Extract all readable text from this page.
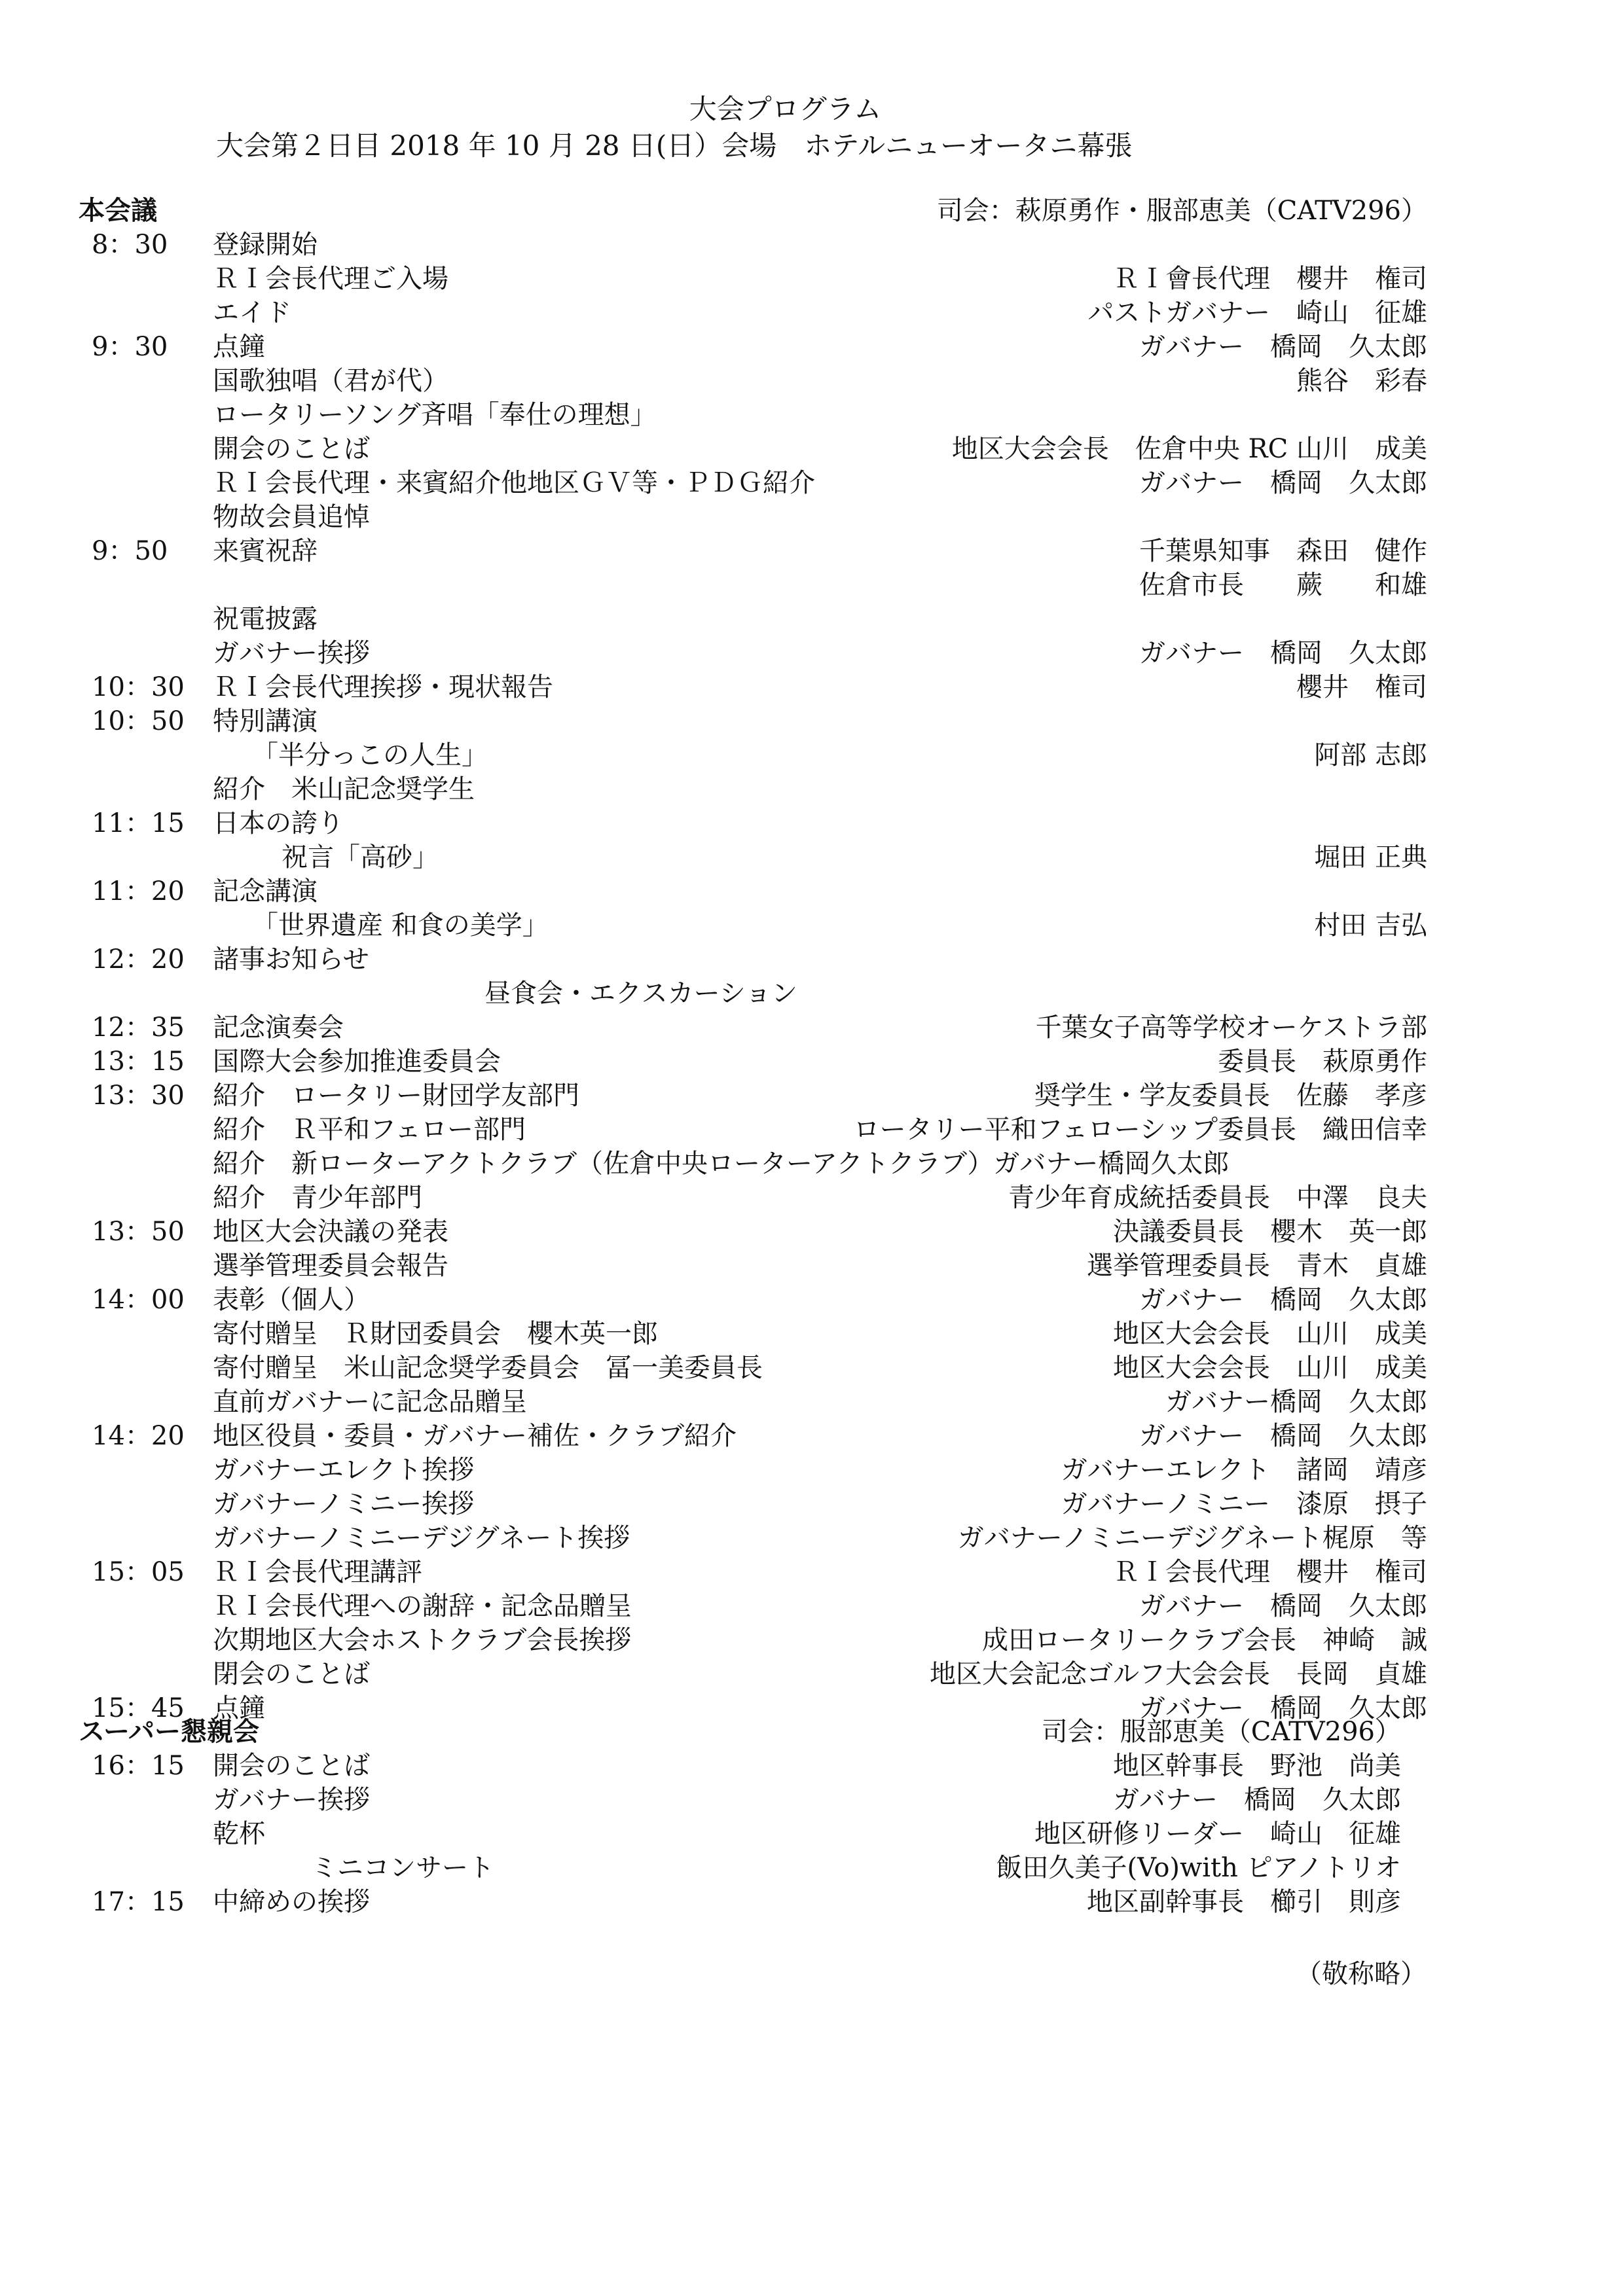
大会プログラム
大会第２日目 2018 年 10 月 28 日(日）会場　ホテルニューオータニ幕張
本会議	司会：萩原勇作・服部恵美（CATV296）
8：30	登録開始
ＲＩ会長代理ご入場	ＲＩ會長代理　櫻井　権司
エイド	パストガバナー　崎山　征雄
9：30	点鐘	ガバナー　橋岡　久太郎
国歌独唱（君が代）	熊谷　彩春
ロータリーソング斉唱「奉仕の理想」
開会のことば	地区大会会長　佐倉中央 RC 山川　成美
ＲＩ会長代理・来賓紹介他地区ＧＶ等・ＰＤＧ紹介	ガバナー　橋岡　久太郎
物故会員追悼
9：50	来賓祝辞	千葉県知事　森田　健作
佐倉市長　　蕨　　和雄
祝電披露
ガバナー挨拶	ガバナー　橋岡　久太郎
10：30	ＲＩ会長代理挨拶・現状報告	櫻井　権司
10：50	特別講演
「半分っこの人生」	阿部 志郎
紹介　米山記念奨学生
11：15	日本の誇り
祝言「高砂」	堀田 正典
11：20	記念講演
「世界遺産 和食の美学」	村田 吉弘
12：20	諸事お知らせ
昼食会・エクスカーション
12：35	記念演奏会	千葉女子高等学校オーケストラ部
13：15	国際大会参加推進委員会	委員長　萩原勇作
13：30	紹介　ロータリー財団学友部門	奨学生・学友委員長　佐藤　孝彦
紹介　Ｒ平和フェロー部門	ロータリー平和フェローシップ委員長　織田信幸
紹介　新ローターアクトクラブ（佐倉中央ローターアクトクラブ）ガバナー橋岡久太郎
紹介　青少年部門	青少年育成統括委員長　中澤　良夫
13：50	地区大会決議の発表	決議委員長　櫻木　英一郎
選挙管理委員会報告	選挙管理委員長　青木　貞雄
14：00	表彰（個人）	ガバナー　橋岡　久太郎
寄付贈呈　Ｒ財団委員会　櫻木英一郎	地区大会会長　山川　成美
寄付贈呈　米山記念奨学委員会　冨一美委員長	地区大会会長　山川　成美
直前ガバナーに記念品贈呈	ガバナー橋岡　久太郎
14：20	地区役員・委員・ガバナー補佐・クラブ紹介	ガバナー　橋岡　久太郎
ガバナーエレクト挨拶	ガバナーエレクト　諸岡　靖彦
ガバナーノミニー挨拶	ガバナーノミニー　漆原　摂子
ガバナーノミニーデジグネート挨拶	ガバナーノミニーデジグネート梶原　等
15：05	ＲＩ会長代理講評	ＲＩ会長代理　櫻井　権司
ＲＩ会長代理への謝辞・記念品贈呈	ガバナー　橋岡　久太郎
次期地区大会ホストクラブ会長挨拶	成田ロータリークラブ会長　神崎　誠
閉会のことば	地区大会記念ゴルフ大会会長　長岡　貞雄
15：45	点鐘	ガバナー　橋岡　久太郎
スーパー懇親会	司会：服部恵美（CATV296）
16：15	開会のことば	地区幹事長　野池　尚美
ガバナー挨拶	ガバナー　橋岡　久太郎
乾杯	地区研修リーダー　崎山　征雄
ミニコンサート	飯田久美子(Vo)with ピアノトリオ
17：15	中締めの挨拶	地区副幹事長　櫛引　則彦
（敬称略）
